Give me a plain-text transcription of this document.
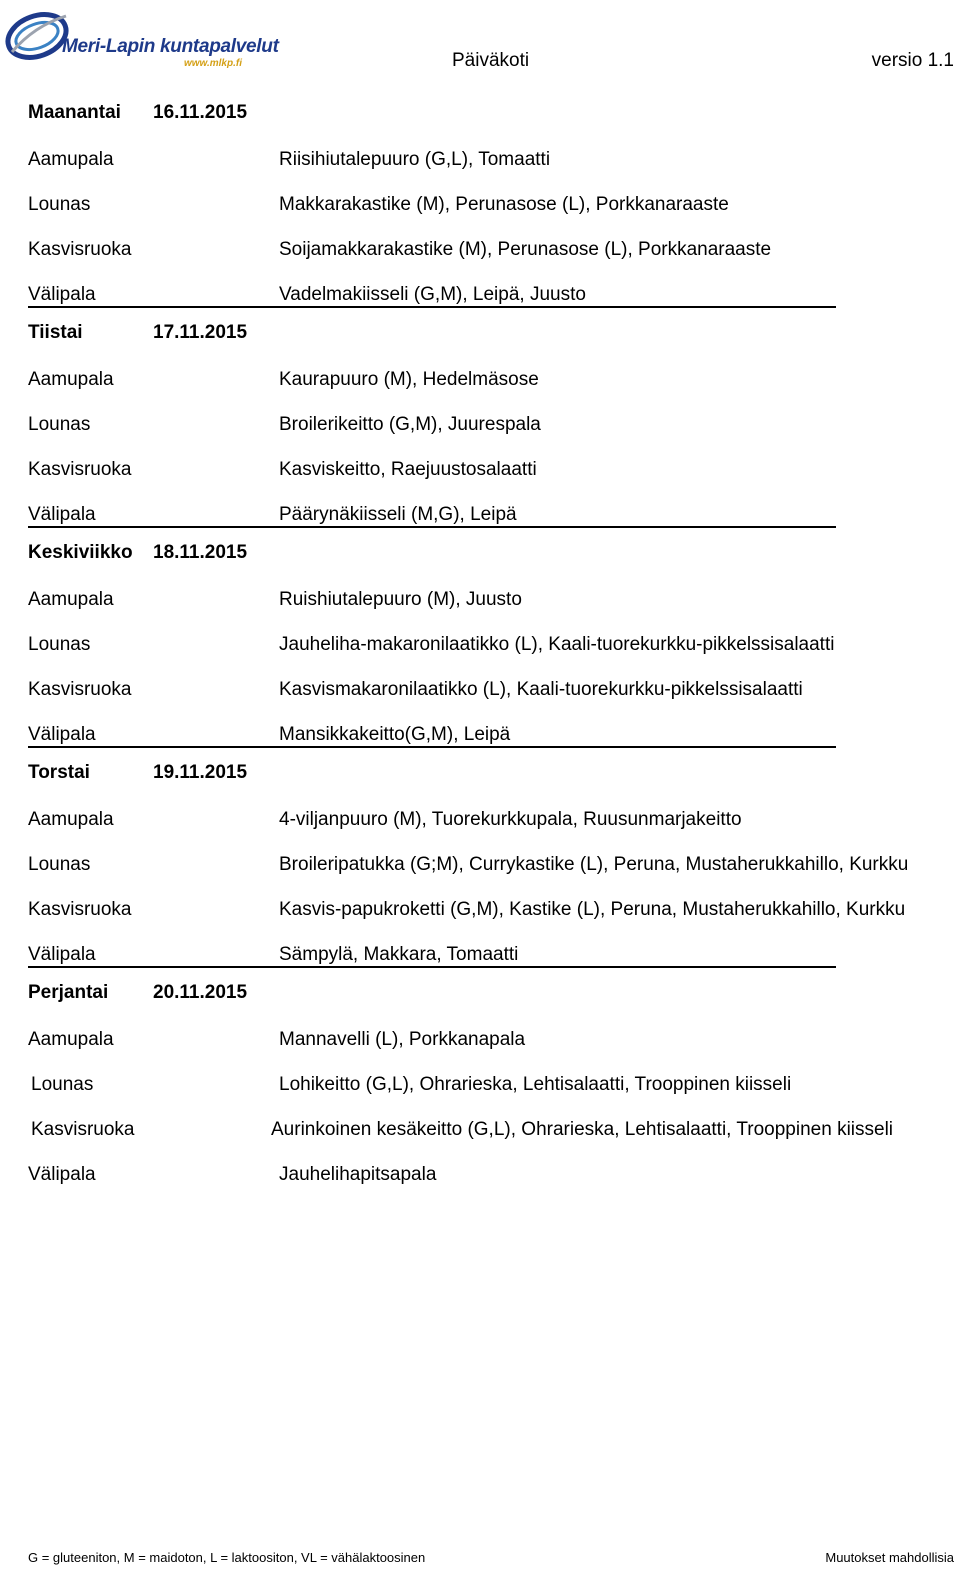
Meri-Lapin kuntapalvelut
www.mlkp.fi	Päiväkoti	versio 1.1
Maanantai 16.11.2015
Aamupala	Riisihiutalepuuro (G,L), Tomaatti
Lounas	Makkarakastike (M), Perunasose (L), Porkkanaraaste
Kasvisruoka	Soijamakkarakastike (M), Perunasose (L), Porkkanaraaste
Välipala	Vadelmakiisseli (G,M), Leipä, Juusto
Tiistai	17.11.2015
Aamupala	Kaurapuuro (M), Hedelmäsose
Lounas	Broilerikeitto (G,M), Juurespala
Kasvisruoka	Kasviskeitto, Raejuustosalaatti
Välipala	Päärynäkiisseli (M,G), Leipä
Keskiviikko 18.11.2015
Aamupala	Ruishiutalepuuro (M), Juusto
Lounas	Jauheliha-makaronilaatikko (L), Kaali-tuorekurkku-pikkelssisalaatti
Kasvisruoka	Kasvismakaronilaatikko (L), Kaali-tuorekurkku-pikkelssisalaatti
Välipala	Mansikkakeitto(G,M), Leipä
Torstai	19.11.2015
Aamupala	4-viljanpuuro (M), Tuorekurkkupala, Ruusunmarjakeitto
Lounas	Broileripatukka (G;M), Currykastike (L), Peruna, Mustaherukkahillo, Kurkku
Kasvisruoka	Kasvis-papukroketti (G,M), Kastike (L), Peruna, Mustaherukkahillo, Kurkku
Välipala	Sämpylä, Makkara, Tomaatti
Perjantai 20.11.2015
Aamupala	Mannavelli (L), Porkkanapala
Lounas	Lohikeitto (G,L), Ohrarieska, Lehtisalaatti, Trooppinen kiisseli
Kasvisruoka	Aurinkoinen kesäkeitto (G,L), Ohrarieska, Lehtisalaatti, Trooppinen kiisseli
Välipala	Jauhelihapitsapala
G = gluteeniton, M = maidoton, L = laktoositon, VL = vähälaktoosinen	Muutokset mahdollisia
